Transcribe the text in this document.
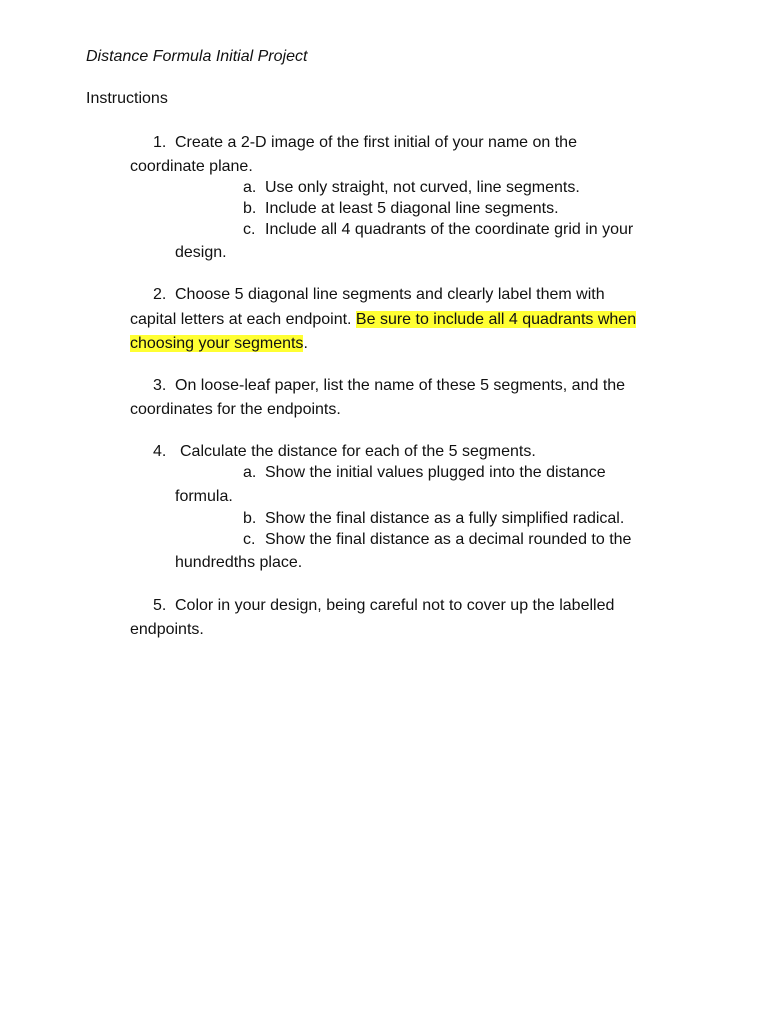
Distance Formula Initial Project

Instructions

1. Create a 2-D image of the first initial of your name on the

coordinate plane.

a. Use only straight, not curved, line segments.

b. Include at least 5 diagonal line segments.

c. Include all 4 quadrants of the coordinate grid in your

design.

2. Choose 5 diagonal line segments and clearly label them with

capital letters at each endpoint. Be sure to include all 4 quadrants when

choosing your segments.

3. On loose-leaf paper, list the name of these 5 segments, and the

coordinates for the endpoints.

4. Calculate the distance for each of the 5 segments.

a. Show the initial values plugged into the distance

formula.

b. Show the final distance as a fully simplified radical.

c. Show the final distance as a decimal rounded to the

hundredths place.

5. Color in your design, being careful not to cover up the labelled

endpoints.
